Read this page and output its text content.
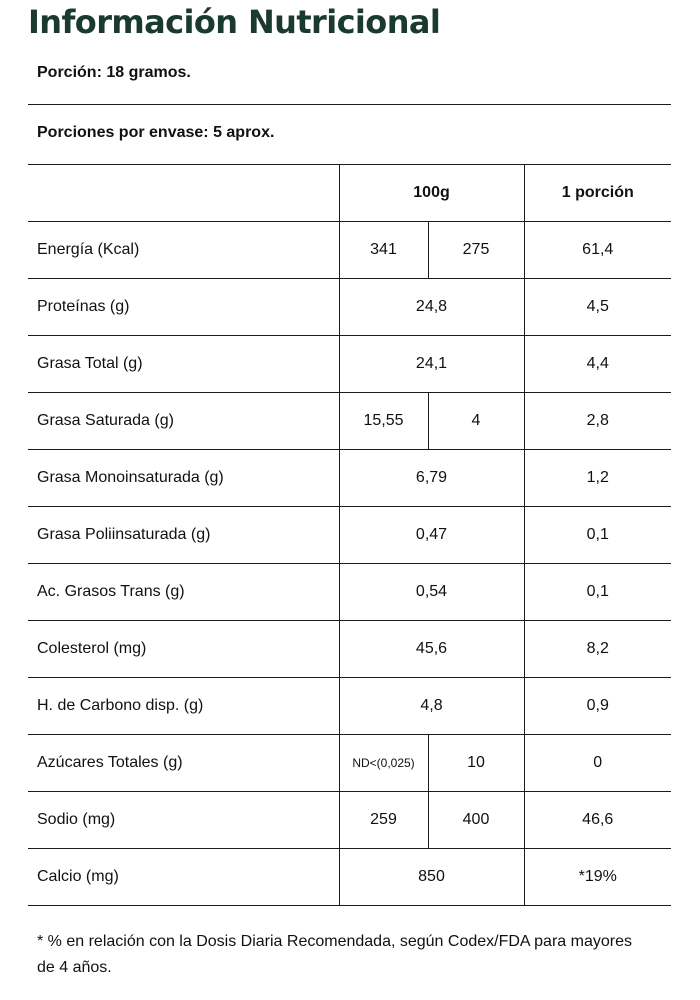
Información Nutricional
Porción: 18 gramos.
Porciones por envase: 5 aprox.
	100g		1 porción
Energía (Kcal)	341	275	61,4
Proteínas (g)	24,8		4,5
Grasa Total (g)	24,1		4,4
Grasa Saturada (g)	15,55	4	2,8
Grasa Monoinsaturada (g)	6,79		1,2
Grasa Poliinsaturada (g)	0,47		0,1
Ac. Grasos Trans (g)	0,54		0,1
Colesterol (mg)	45,6		8,2
H. de Carbono disp. (g)	4,8		0,9
Azúcares Totales (g)	ND<(0,025)	10	0
Sodio (mg)	259	400	46,6
Calcio (mg)	850		*19%
* % en relación con la Dosis Diaria Recomendada, según Codex/FDA para mayores de 4 años.
